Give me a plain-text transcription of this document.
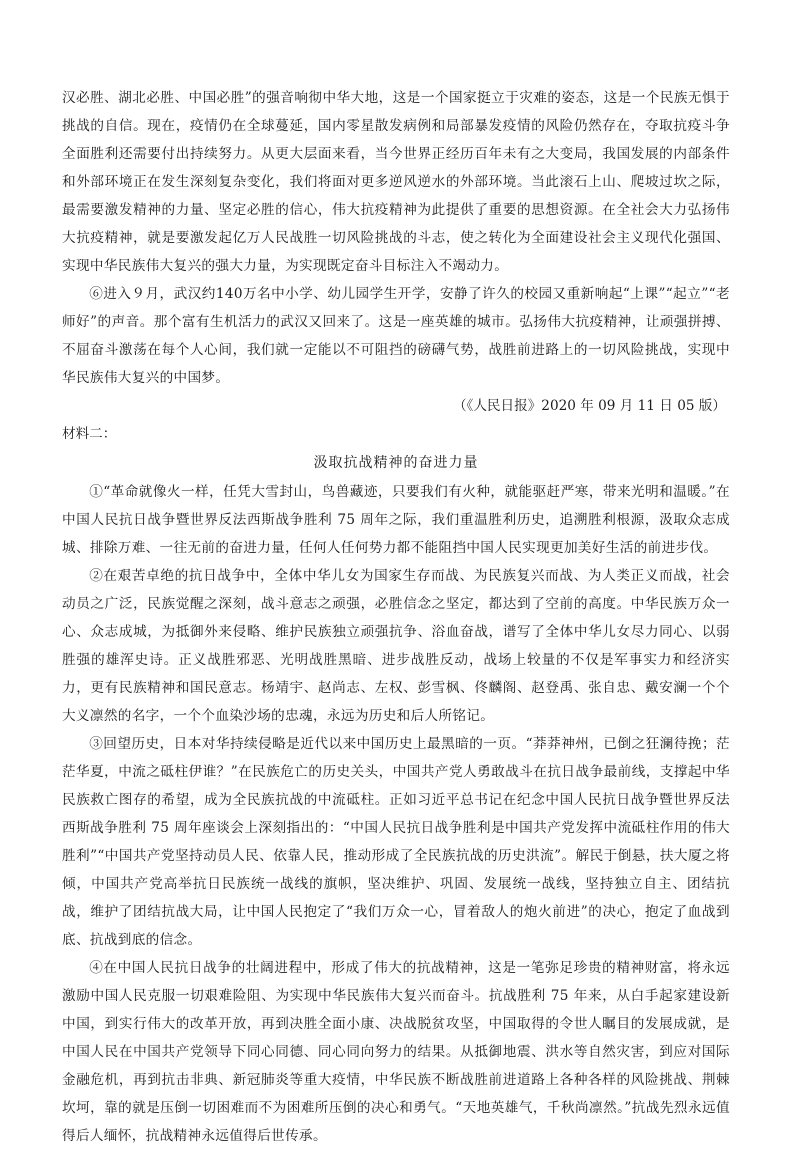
汉必胜、湖北必胜、中国必胜”的强音响彻中华大地，这是一个国家挺立于灾难的姿态，这是一个民族无惧于挑战的自信。现在，疫情仍在全球蔓延，国内零星散发病例和局部暴发疫情的风险仍然存在，夺取抗疫斗争全面胜利还需要付出持续努力。从更大层面来看，当今世界正经历百年未有之大变局，我国发展的内部条件和外部环境正在发生深刻复杂变化，我们将面对更多逆风逆水的外部环境。当此滚石上山、爬坡过坎之际，最需要激发精神的力量、坚定必胜的信心，伟大抗疫精神为此提供了重要的思想资源。在全社会大力弘扬伟大抗疫精神，就是要激发起亿万人民战胜一切风险挑战的斗志，使之转化为全面建设社会主义现代化强国、实现中华民族伟大复兴的强大力量，为实现既定奋斗目标注入不竭动力。

⑥进入９月，武汉约140万名中小学、幼儿园学生开学，安静了许久的校园又重新响起“上课”“起立”“老师好”的声音。那个富有生机活力的武汉又回来了。这是一座英雄的城市。弘扬伟大抗疫精神，让顽强拼搏、不屈奋斗激荡在每个人心间，我们就一定能以不可阻挡的磅礴气势，战胜前进路上的一切风险挑战，实现中华民族伟大复兴的中国梦。

（《人民日报》2020 年 09 月 11 日 05 版）

材料二：

汲取抗战精神的奋进力量

①“革命就像火一样，任凭大雪封山，鸟兽藏迹，只要我们有火种，就能驱赶严寒，带来光明和温暖。”在中国人民抗日战争暨世界反法西斯战争胜利 75 周年之际，我们重温胜利历史，追溯胜利根源，汲取众志成城、排除万难、一往无前的奋进力量，任何人任何势力都不能阻挡中国人民实现更加美好生活的前进步伐。

②在艰苦卓绝的抗日战争中，全体中华儿女为国家生存而战、为民族复兴而战、为人类正义而战，社会动员之广泛，民族觉醒之深刻，战斗意志之顽强，必胜信念之坚定，都达到了空前的高度。中华民族万众一心、众志成城，为抵御外来侵略、维护民族独立顽强抗争、浴血奋战，谱写了全体中华儿女尽力同心、以弱胜强的雄浑史诗。正义战胜邪恶、光明战胜黑暗、进步战胜反动，战场上较量的不仅是军事实力和经济实力，更有民族精神和国民意志。杨靖宇、赵尚志、左权、彭雪枫、佟麟阁、赵登禹、张自忠、戴安澜一个个大义凛然的名字，一个个血染沙场的忠魂，永远为历史和后人所铭记。

③回望历史，日本对华持续侵略是近代以来中国历史上最黑暗的一页。“莽莽神州，已倒之狂澜待挽；茫茫华夏，中流之砥柱伊谁？”在民族危亡的历史关头，中国共产党人勇敢战斗在抗日战争最前线，支撑起中华民族救亡图存的希望，成为全民族抗战的中流砥柱。正如习近平总书记在纪念中国人民抗日战争暨世界反法西斯战争胜利 75 周年座谈会上深刻指出的：“中国人民抗日战争胜利是中国共产党发挥中流砥柱作用的伟大胜利”“中国共产党坚持动员人民、依靠人民，推动形成了全民族抗战的历史洪流”。解民于倒悬，扶大厦之将倾，中国共产党高举抗日民族统一战线的旗帜，坚决维护、巩固、发展统一战线，坚持独立自主、团结抗战，维护了团结抗战大局，让中国人民抱定了“我们万众一心，冒着敌人的炮火前进”的决心，抱定了血战到底、抗战到底的信念。

④在中国人民抗日战争的壮阔进程中，形成了伟大的抗战精神，这是一笔弥足珍贵的精神财富，将永远激励中国人民克服一切艰难险阻、为实现中华民族伟大复兴而奋斗。抗战胜利 75 年来，从白手起家建设新中国，到实行伟大的改革开放，再到决胜全面小康、决战脱贫攻坚，中国取得的令世人瞩目的发展成就，是中国人民在中国共产党领导下同心同德、同心同向努力的结果。从抵御地震、洪水等自然灾害，到应对国际金融危机，再到抗击非典、新冠肺炎等重大疫情，中华民族不断战胜前进道路上各种各样的风险挑战、荆棘坎坷，靠的就是压倒一切困难而不为困难所压倒的决心和勇气。“天地英雄气，千秋尚凛然。”抗战先烈永远值得后人缅怀，抗战精神永远值得后世传承。
